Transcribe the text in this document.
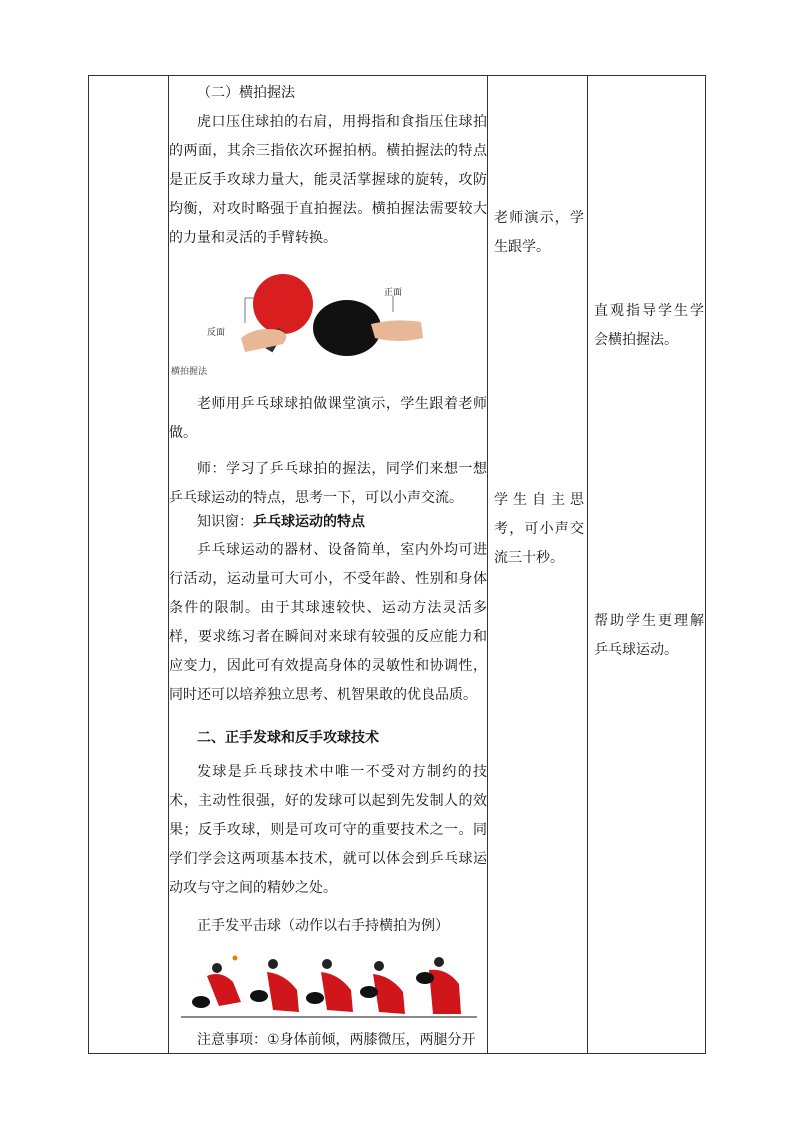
（二）横拍握法

虎口压住球拍的右肩，用拇指和食指压住球拍的两面，其余三指依次环握拍柄。横拍握法的特点是正反手攻球力量大，能灵活掌握球的旋转，攻防均衡，对攻时略强于直拍握法。横拍握法需要较大的力量和灵活的手臂转换。

反面
正面
横拍握法

老师用乒乓球球拍做课堂演示，学生跟着老师做。

师：学习了乒乓球拍的握法，同学们来想一想乒乓球运动的特点，思考一下，可以小声交流。

知识窗：乒乓球运动的特点

乒乓球运动的器材、设备简单，室内外均可进行活动，运动量可大可小，不受年龄、性别和身体条件的限制。由于其球速较快、运动方法灵活多样，要求练习者在瞬间对来球有较强的反应能力和应变力，因此可有效提高身体的灵敏性和协调性，同时还可以培养独立思考、机智果敢的优良品质。

二、正手发球和反手攻球技术

发球是乒乓球技术中唯一不受对方制约的技术，主动性很强，好的发球可以起到先发制人的效果；反手攻球，则是可攻可守的重要技术之一。同学们学会这两项基本技术，就可以体会到乒乓球运动攻与守之间的精妙之处。

正手发平击球（动作以右手持横拍为例）

注意事项：①身体前倾，两膝微压，两腿分开

老师演示，学生跟学。

学生自主思考，可小声交流三十秒。

直观指导学生学会横拍握法。

帮助学生更理解乒乓球运动。
